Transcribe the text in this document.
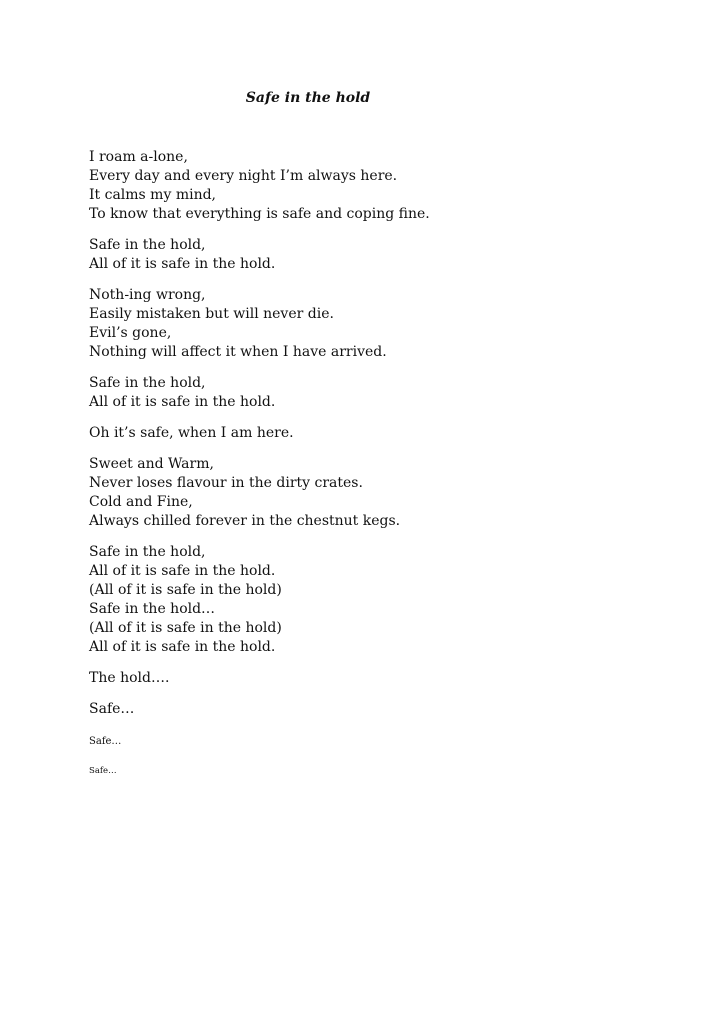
Safe in the hold
I roam a-lone,
Every day and every night I’m always here.
It calms my mind,
To know that everything is safe and coping fine.
Safe in the hold,
All of it is safe in the hold.
Noth-ing wrong,
Easily mistaken but will never die.
Evil’s gone,
Nothing will affect it when I have arrived.
Safe in the hold,
All of it is safe in the hold.
Oh it’s safe, when I am here.
Sweet and Warm,
Never loses flavour in the dirty crates.
Cold and Fine,
Always chilled forever in the chestnut kegs.
Safe in the hold,
All of it is safe in the hold.
(All of it is safe in the hold)
Safe in the hold…
(All of it is safe in the hold)
All of it is safe in the hold.
The hold….
Safe…
Safe…
Safe…
